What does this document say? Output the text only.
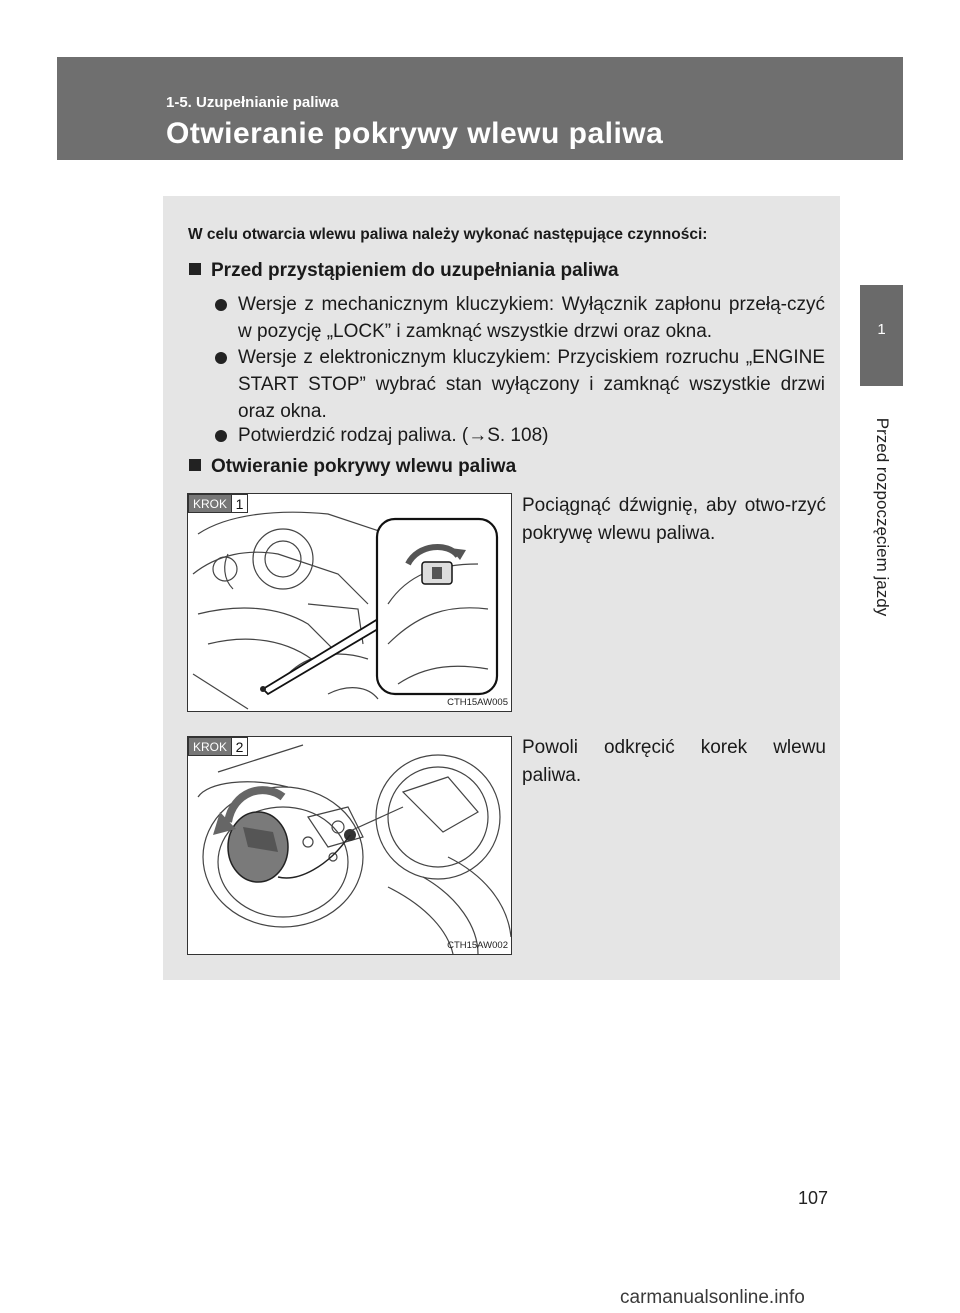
1-5. Uzupełnianie paliwa
Otwieranie pokrywy wlewu paliwa
1
Przed rozpoczęciem jazdy
W celu otwarcia wlewu paliwa należy wykonać następujące czynności:
Przed przystąpieniem do uzupełniania paliwa
Wersje z mechanicznym kluczykiem: Wyłącznik zapłonu przełą-czyć w pozycję „LOCK” i zamknąć wszystkie drzwi oraz okna.
Wersje z elektronicznym kluczykiem: Przyciskiem rozruchu „ENGINE START STOP” wybrać stan wyłączony i zamknąć wszystkie drzwi oraz okna.
Potwierdzić rodzaj paliwa. (→S. 108)
Otwieranie pokrywy wlewu paliwa
KROK 1
CTH15AW005
Pociągnąć dźwignię, aby otwo-rzyć pokrywę wlewu paliwa.
KROK 2
CTH15AW002
Powoli odkręcić korek wlewu paliwa.
107
carmanualsonline.info
